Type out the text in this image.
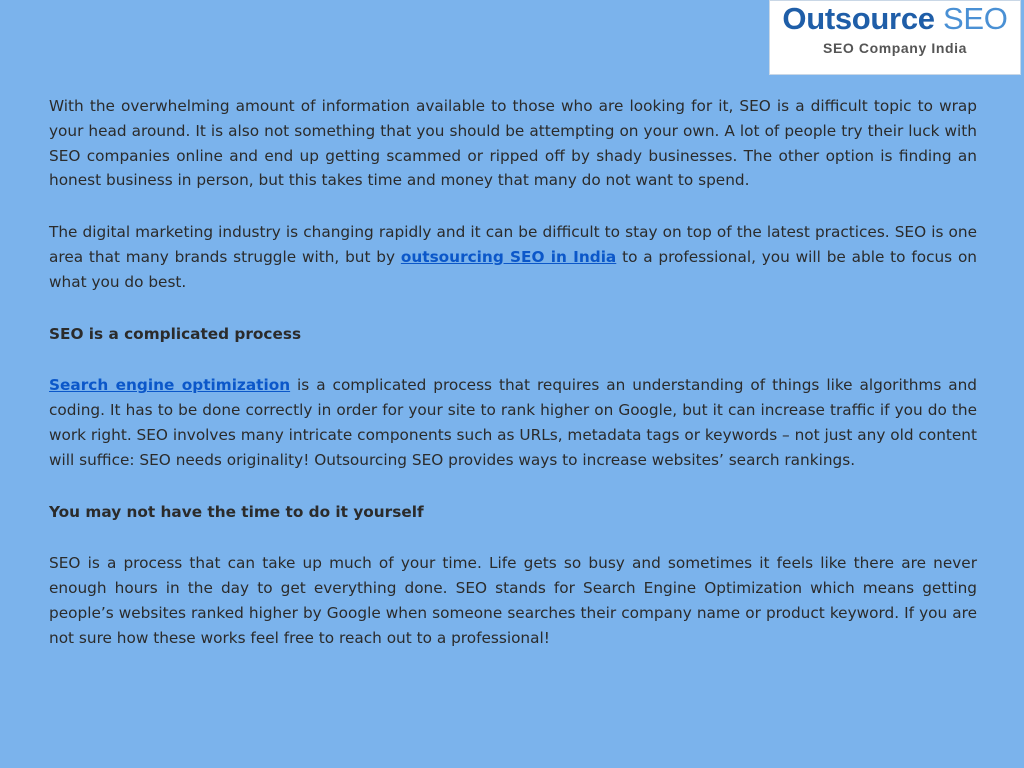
Outsource SEO
SEO Company India

With the overwhelming amount of information available to those who are looking for it, SEO is a difficult topic to wrap your head around. It is also not something that you should be attempting on your own. A lot of people try their luck with SEO companies online and end up getting scammed or ripped off by shady businesses. The other option is finding an honest business in person, but this takes time and money that many do not want to spend.

The digital marketing industry is changing rapidly and it can be difficult to stay on top of the latest practices. SEO is one area that many brands struggle with, but by outsourcing SEO in India to a professional, you will be able to focus on what you do best.

SEO is a complicated process

Search engine optimization is a complicated process that requires an understanding of things like algorithms and coding. It has to be done correctly in order for your site to rank higher on Google, but it can increase traffic if you do the work right. SEO involves many intricate components such as URLs, metadata tags or keywords – not just any old content will suffice: SEO needs originality! Outsourcing SEO provides ways to increase websites’ search rankings.

You may not have the time to do it yourself

SEO is a process that can take up much of your time. Life gets so busy and sometimes it feels like there are never enough hours in the day to get everything done. SEO stands for Search Engine Optimization which means getting people’s websites ranked higher by Google when someone searches their company name or product keyword. If you are not sure how these works feel free to reach out to a professional!
